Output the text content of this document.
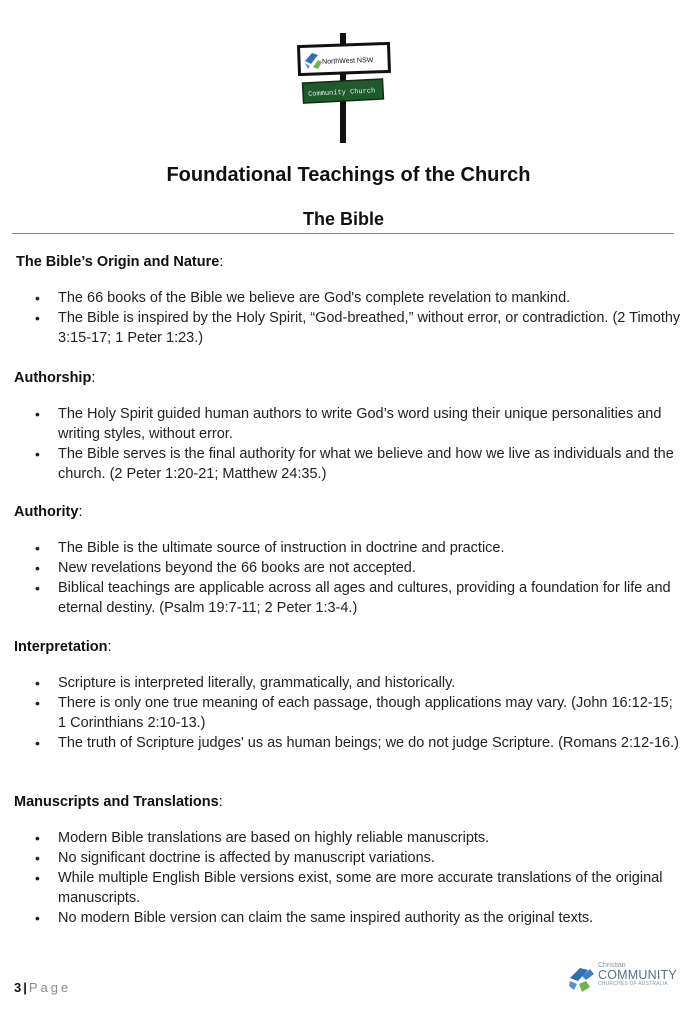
NorthWest NSW
Community Church
Foundational Teachings of the Church
The Bible
The Bible’s Origin and Nature:
• The 66 books of the Bible we believe are God's complete revelation to mankind.
• The Bible is inspired by the Holy Spirit, “God-breathed,” without error, or contradiction. (2 Timothy 3:15-17; 1 Peter 1:23.)
Authorship:
• The Holy Spirit guided human authors to write God’s word using their unique personalities and writing styles, without error.
• The Bible serves is the final authority for what we believe and how we live as individuals and the church. (2 Peter 1:20-21; Matthew 24:35.)
Authority:
• The Bible is the ultimate source of instruction in doctrine and practice.
• New revelations beyond the 66 books are not accepted.
• Biblical teachings are applicable across all ages and cultures, providing a foundation for life and eternal destiny. (Psalm 19:7-11; 2 Peter 1:3-4.)
Interpretation:
• Scripture is interpreted literally, grammatically, and historically.
• There is only one true meaning of each passage, though applications may vary. (John 16:12-15; 1 Corinthians 2:10-13.)
• The truth of Scripture judges' us as human beings; we do not judge Scripture. (Romans 2:12-16.)
Manuscripts and Translations:
• Modern Bible translations are based on highly reliable manuscripts.
• No significant doctrine is affected by manuscript variations.
• While multiple English Bible versions exist, some are more accurate translations of the original manuscripts.
• No modern Bible version can claim the same inspired authority as the original texts.
3 | Page
Christian
COMMUNITY
CHURCHES OF AUSTRALIA
